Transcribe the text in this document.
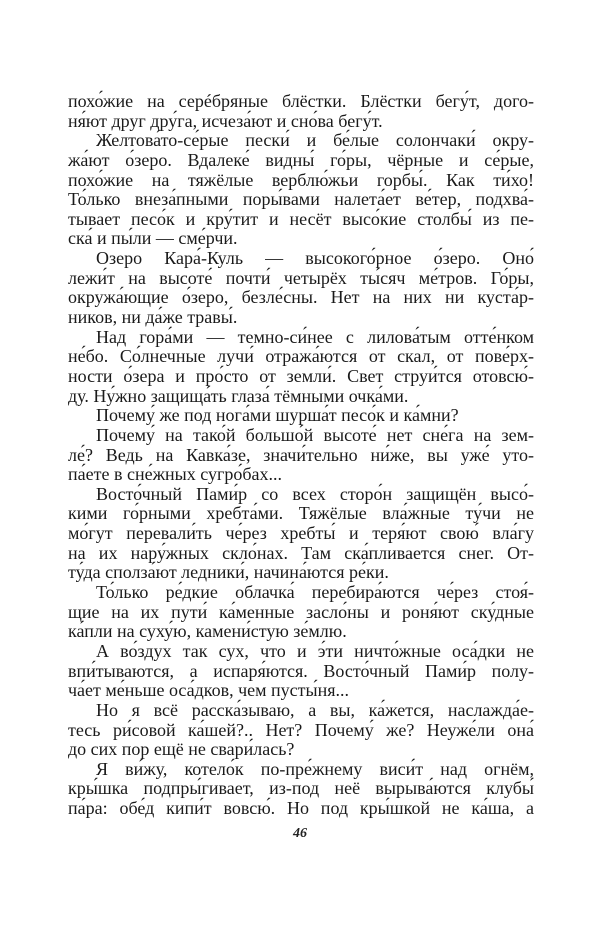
похо́жие на серéбряные блёстки. Блёстки бегу́т, дого-
ня́ют друг дру́га, исчеза́ют и сно́ва бегу́т.
Желтова́то-се́рые пески́ и бе́лые солончаки́ окру-
жа́ют о́зеро. Вдалеке́ видны́ го́ры, чёрные и се́рые,
похо́жие на тяжёлые верблю́жьи горбы́. Как ти́хо!
То́лько внеза́пными поры́вами налета́ет ве́тер, подхва́-
тывает песо́к и кру́тит и несёт высо́кие столбы́ из пе-
ска́ и пы́ли — сме́рчи.
Озеро Кара́-Куль — высокого́рное о́зеро. Оно́
лежи́т на высоте́ почти́ четырёх ты́сяч ме́тров. Го́ры,
окружа́ющие о́зеро, безле́сны. Нет на них ни куста́р-
ников, ни да́же травы́.
Над гора́ми — темно-си́нее с лилова́тым отте́нком
не́бо. Со́лнечные лучи́ отража́ются от скал, от пове́рх-
ности о́зера и про́сто от земли́. Свет струи́тся отовсю́-
ду. Ну́жно защища́ть глаза́ тёмными очка́ми.
Почему́ же под нога́ми шурша́т песо́к и ка́мни?
Почему́ на тако́й большо́й высоте́ нет сне́га на зем-
ле́? Ведь на Кавка́зе, значи́тельно ни́же, вы уже́ уто-
па́ете в сне́жных сугро́бах...
Восто́чный Пами́р со всех сторо́н защищён высо́-
кими го́рными хребта́ми. Тяжёлые вла́жные ту́чи не
мо́гут перевали́ть че́рез хребты́ и теря́ют свою́ вла́гу
на их нару́жных скло́нах. Там ска́пливается снег. От-
ту́да сполза́ют ледники́, начина́ются ре́ки.
То́лько ре́дкие облачка́ перебира́ются че́рез стоя́-
щие на их пути́ ка́менные засло́ны и роня́ют ску́дные
ка́пли на суху́ю, камени́стую зе́млю.
А во́здух так сух, что и э́ти ничто́жные оса́дки не
впи́тываются, а испаря́ются. Восто́чный Пами́р полу-
ча́ет ме́ньше оса́дков, чем пусты́ня...
Но я всё расска́зываю, а вы, ка́жется, наслажда́е-
тесь ри́совой ка́шей?.. Нет? Почему́ же? Неуже́ли она́
до сих пор ещё не свари́лась?
Я ви́жу, котело́к по-пре́жнему виси́т над огнём,
кры́шка подпры́гивает, из-под неё вырыва́ются клубы́
па́ра: обе́д кипи́т вовсю́. Но под кры́шкой не ка́ша, а
46
